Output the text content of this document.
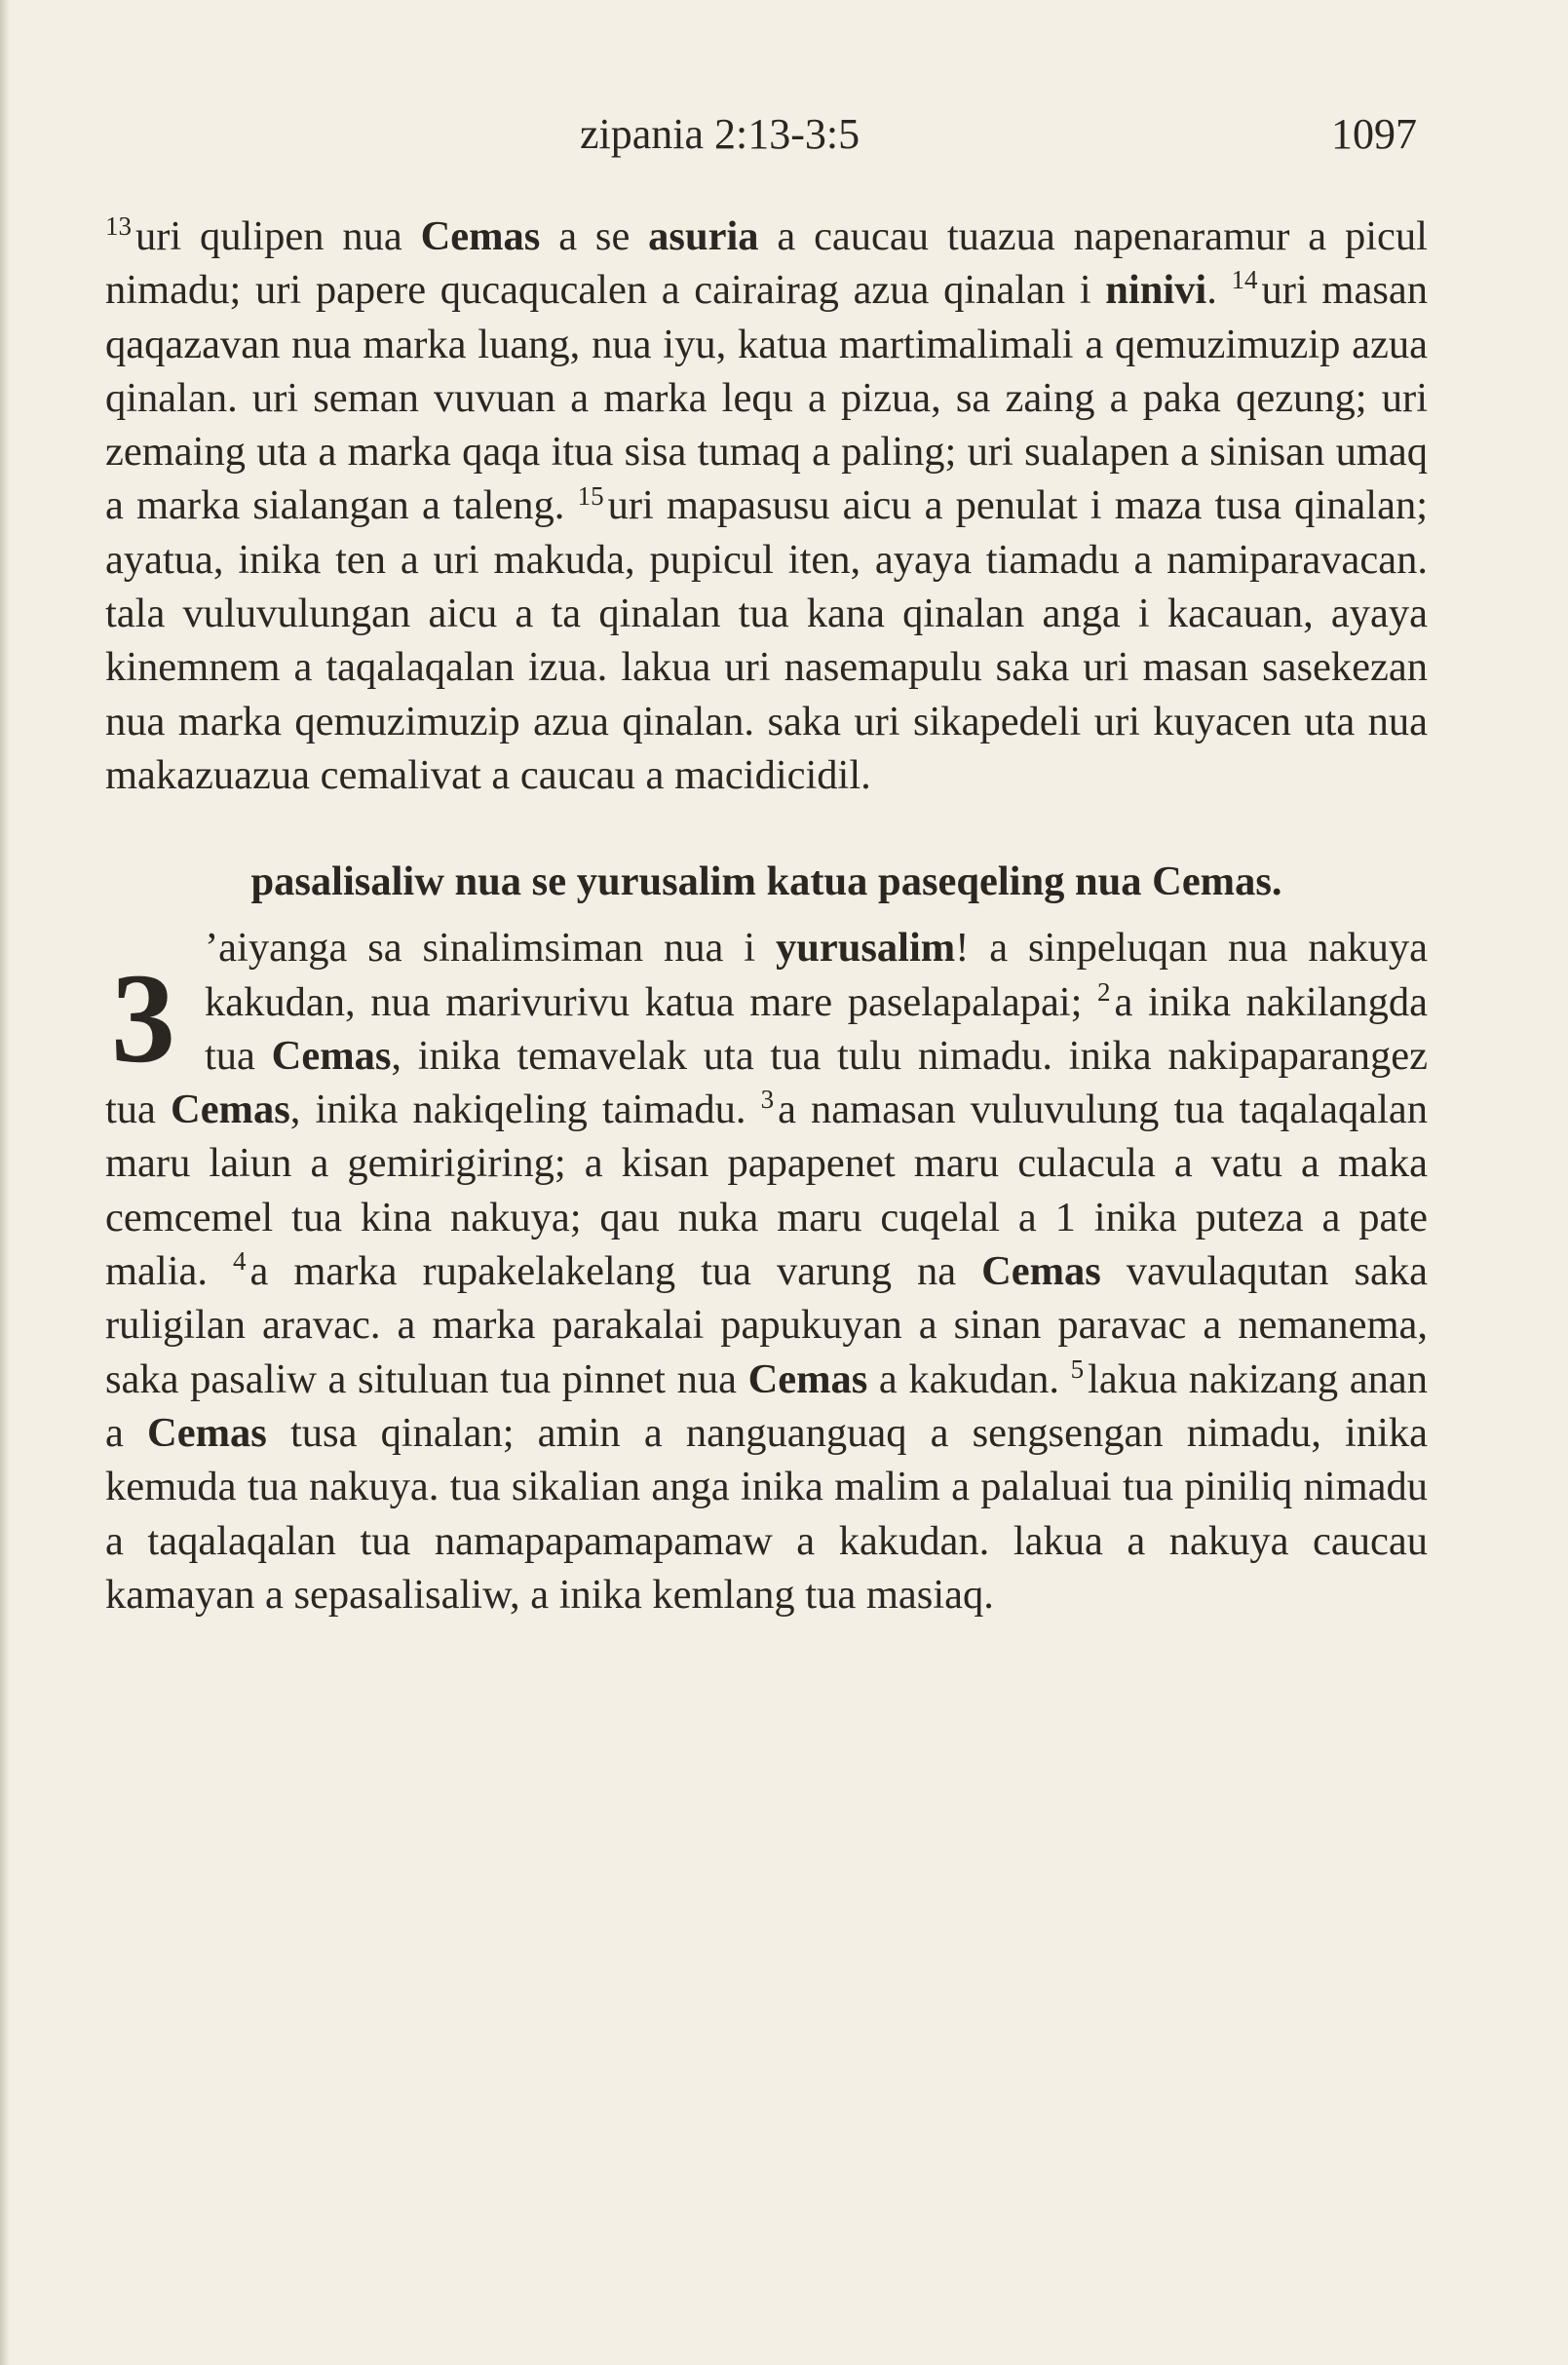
zipania 2:13-3:5	1097

$^{13}$uri qulipen nua Cemas a se asuria a caucau tuazua napenaramur a picul nimadu; uri papere qucaqucalen a cairairag azua qinalan i ninivi. $^{14}$uri masan qaqazavan nua marka luang, nua iyu, katua martimalimali a qemuzimuzip azua qinalan. uri seman vuvuan a marka lequ a pizua, sa zaing a paka qezung; uri zemaing uta a marka qaqa itua sisa tumaq a paling; uri sualapen a sinisan umaq a marka sialangan a taleng. $^{15}$uri mapasusu aicu a penulat i maza tusa qinalan; ayatua, inika ten a uri makuda, pupicul iten, ayaya tiamadu a namiparavacan. tala vuluvulungan aicu a ta qinalan tua kana qinalan anga i kacauan, ayaya kinemnem a taqalaqalan izua. lakua uri nasemapulu saka uri masan sasekezan nua marka qemuzimuzip azua qinalan. saka uri sikapedeli uri kuyacen uta nua makazuazua cemalivat a caucau a macidicidil.

pasalisaliw nua se yurusalim katua paseqeling nua Cemas.

3 ’aiyanga sa sinalimsiman nua i yurusalim! a sinpeluqan nua nakuya kakudan, nua marivurivu katua mare paselapalapai; $^2$a inika nakilangda tua Cemas, inika temavelak uta tua tulu nimadu. inika nakipaparangez tua Cemas, inika nakiqeling taimadu. $^3$a namasan vuluvulung tua taqalaqalan maru laiun a gemirigiring; a kisan papapenet maru culacula a vatu a maka cemcemel tua kina nakuya; qau nuka maru cuqelal a 1 inika puteza a pate malia. $^4$a marka rupakelakelang tua varung na Cemas vavulaqutan saka ruligilan aravac. a marka parakalai papukuyan a sinan paravac a nemanema, saka pasaliw a situluan tua pinnet nua Cemas a kakudan. $^5$lakua nakizang anan a Cemas tusa qinalan; amin a nanguanguaq a sengsengan nimadu, inika kemuda tua nakuya. tua sikalian anga inika malim a palaluai tua piniliq nimadu a taqalaqalan tua namapapamapamaw a kakudan. lakua a nakuya caucau kamayan a sepasalisaliw, a inika kemlang tua masiaq.
